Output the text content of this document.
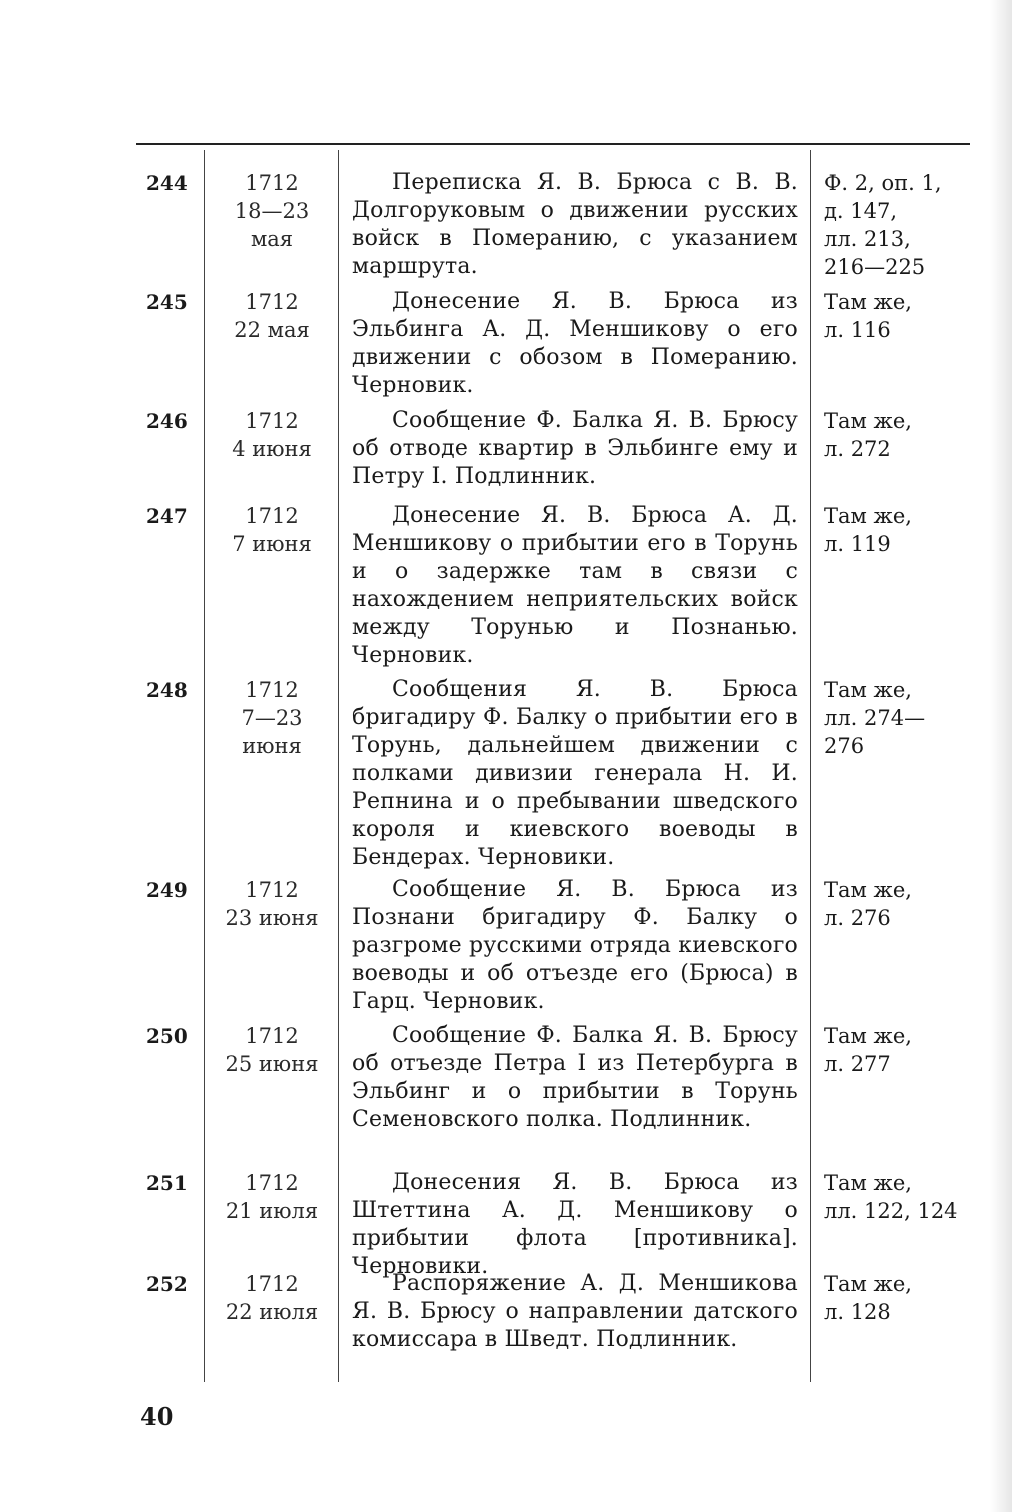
244	1712
18—23
мая
Переписка Я. В. Брюса с В. В. Долгоруковым о движении русских войск в Померанию, с указанием маршрута.
Ф. 2, оп. 1,
д. 147,
лл. 213,
216—225
245	1712
22 мая
Донесение Я. В. Брюса из Эльбинга А. Д. Меншикову о его движении с обозом в Померанию. Черновик.
Там же,
л. 116
246	1712
4 июня
Сообщение Ф. Балка Я. В. Брюсу об отводе квартир в Эльбинге ему и Петру I. Подлинник.
Там же,
л. 272
247	1712
7 июня
Донесение Я. В. Брюса А. Д. Меншикову о прибытии его в Торунь и о задержке там в связи с нахождением неприятельских войск между Торунью и Познанью. Черновик.
Там же,
л. 119
248	1712
7—23
июня
Сообщения Я. В. Брюса бригадиру Ф. Балку о прибытии его в Торунь, дальнейшем движении с полками дивизии генерала Н. И. Репнина и о пребывании шведского короля и киевского воеводы в Бендерах. Черновики.
Там же,
лл. 274—
276
249	1712
23 июня
Сообщение Я. В. Брюса из Познани бригадиру Ф. Балку о разгроме русскими отряда киевского воеводы и об отъезде его (Брюса) в Гарц. Черновик.
Там же,
л. 276
250	1712
25 июня
Сообщение Ф. Балка Я. В. Брюсу об отъезде Петра I из Петербурга в Эльбинг и о прибытии в Торунь Семеновского полка. Подлинник.
Там же,
л. 277
251	1712
21 июля
Донесения Я. В. Брюса из Штеттина А. Д. Меншикову о прибытии флота [противника]. Черновики.
Там же,
лл. 122, 124
252	1712
22 июля
Распоряжение А. Д. Меншикова Я. В. Брюсу о направлении датского комиссара в Шведт. Подлинник.
Там же,
л. 128
40
